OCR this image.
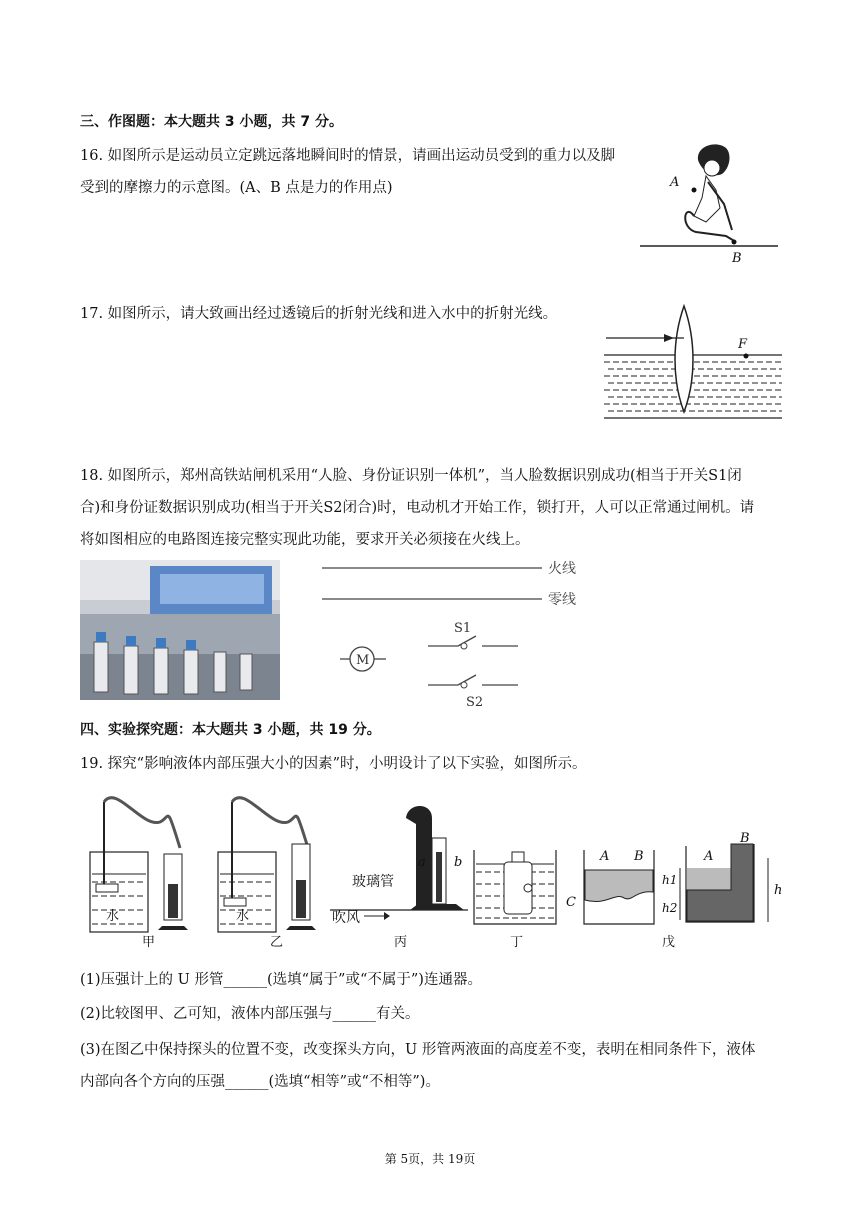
三、作图题：本大题共 3 小题，共 7 分。
16. 如图所示是运动员立定跳远落地瞬间时的情景，请画出运动员受到的重力以及脚
受到的摩擦力的示意图。(A、B 点是力的作用点)	A
B
17. 如图所示，请大致画出经过透镜后的折射光线和进入水中的折射光线。
F
18. 如图所示，郑州高铁站闸机采用“人脸、身份证识别一体机”，当人脸数据识别成功(相当于开关S1闭
合)和身份证数据识别成功(相当于开关S2闭合)时，电动机才开始工作，锁打开，人可以正常通过闸机。请
将如图相应的电路图连接完整实现此功能，要求开关必须接在火线上。
火线
零线
M
S1
S2
四、实验探究题：本大题共 3 小题，共 19 分。
19. 探究“影响液体内部压强大小的因素”时，小明设计了以下实验，如图所示。
水
甲
水
乙
a b
玻璃管
吹风
丙	丁
A B
C
A
B
h1
h2
h
戊
(1)压强计上的 U 形管______(选填“属于”或“不属于”)连通器。
(2)比较图甲、乙可知，液体内部压强与______有关。
(3)在图乙中保持探头的位置不变，改变探头方向，U 形管两液面的高度差不变，表明在相同条件下，液体
内部向各个方向的压强______(选填“相等”或“不相等”)。
第 5页，共 19页
